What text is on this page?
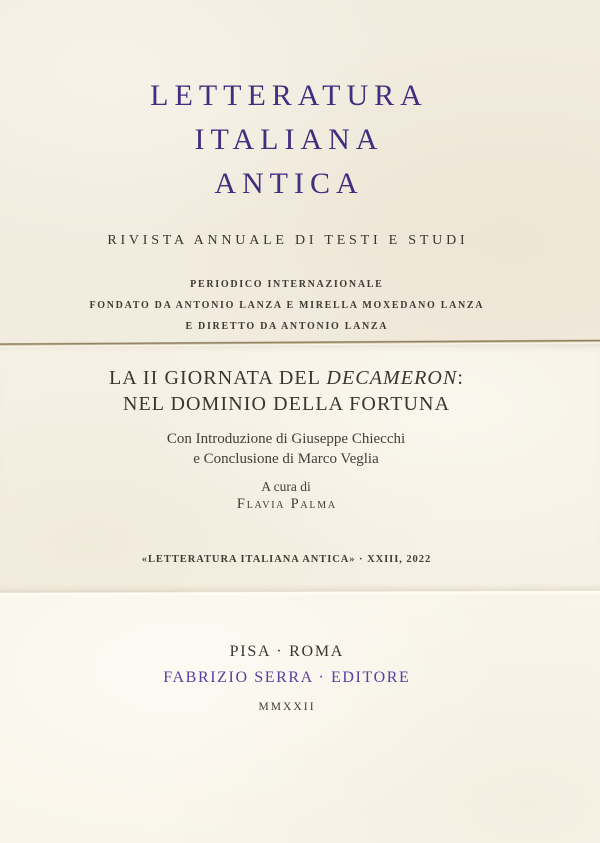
LETTERATURA
ITALIANA
ANTICA
RIVISTA ANNUALE DI TESTI E STUDI
PERIODICO INTERNAZIONALE
FONDATO DA ANTONIO LANZA E MIRELLA MOXEDANO LANZA
E DIRETTO DA ANTONIO LANZA
LA II GIORNATA DEL DECAMERON:
NEL DOMINIO DELLA FORTUNA
Con Introduzione di Giuseppe Chiecchi
e Conclusione di Marco Veglia
A cura di
Flavia Palma
«LETTERATURA ITALIANA ANTICA» · XXIII, 2022
PISA · ROMA
FABRIZIO SERRA · EDITORE
MMXXII
